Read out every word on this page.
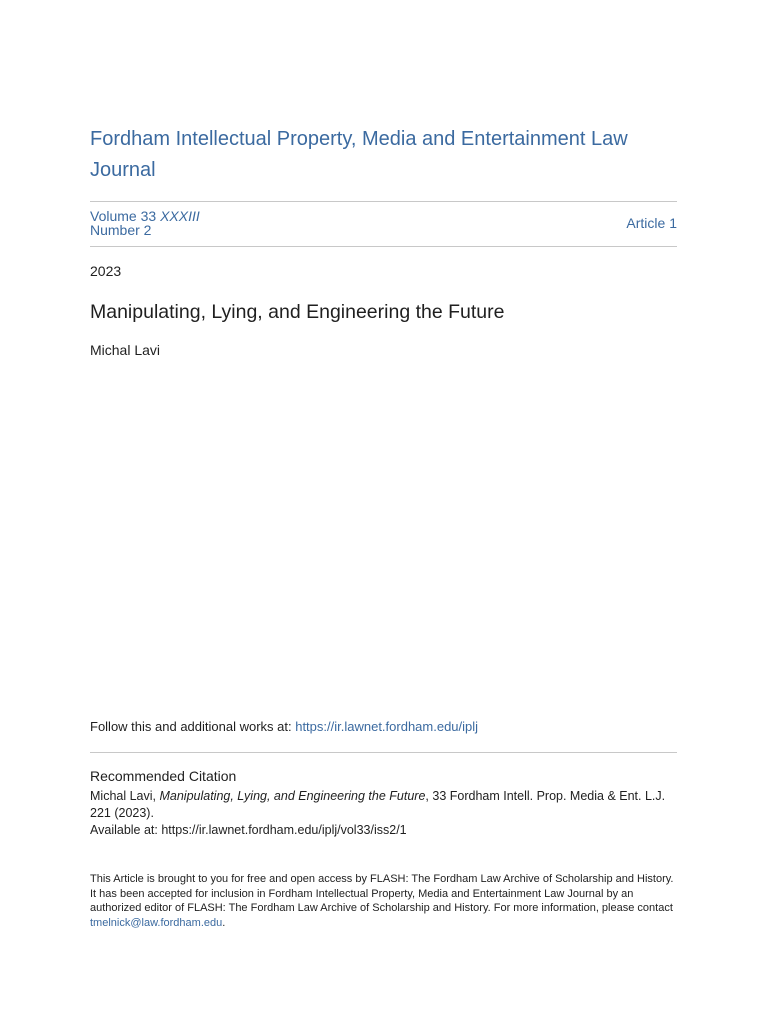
Fordham Intellectual Property, Media and Entertainment Law Journal
Volume 33 XXXIII
Number 2	Article 1
2023
Manipulating, Lying, and Engineering the Future
Michal Lavi
Follow this and additional works at: https://ir.lawnet.fordham.edu/iplj
Recommended Citation
Michal Lavi, Manipulating, Lying, and Engineering the Future, 33 Fordham Intell. Prop. Media & Ent. L.J. 221 (2023).
Available at: https://ir.lawnet.fordham.edu/iplj/vol33/iss2/1
This Article is brought to you for free and open access by FLASH: The Fordham Law Archive of Scholarship and History. It has been accepted for inclusion in Fordham Intellectual Property, Media and Entertainment Law Journal by an authorized editor of FLASH: The Fordham Law Archive of Scholarship and History. For more information, please contact tmelnick@law.fordham.edu.
